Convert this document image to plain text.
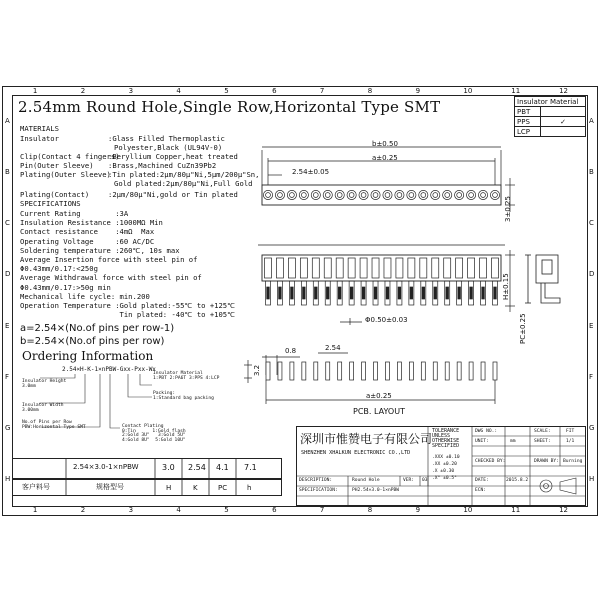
1	2	3	4	5	6	7	8	9	10	11	12
1	2	3	4	5	6	7	8	9	10	11	12
A
B
C
D
E
F
G
H
A
B
C
D
E
F
G
H
2.54mm Round Hole,Single Row,Horizontal Type SMT
MATERIALS
Insulator	:Glass Filled Thermoplastic
Polyester,Black (UL94V-0)
Clip(Contact 4 fingers)
:Beryllium Copper,heat treated
Pin(Outer Sleeve) :Brass,Machined CuZn39Pb2
Plating(Outer Sleeve)
:Tin plated:2μm/80μ"Ni,5μm/200μ"Sn,
Gold plated:2μm/80μ"Ni,Full Gold
Plating(Contact)	:2μm/80μ"Ni,gold or Tin plated
SPECIFICATIONS
Current Rating        :3A
Insulation Resistance :1000MΩ Min
Contact resistance    :4mΩ  Max
Operating Voltage     :60 AC/DC
Soldering temperature :260℃, 10s max
Average Insertion force with steel pin of
Φ0.43mm/0.17:<250g
Average Withdrawal force with steel pin of
Φ0.43mm/0.17:>50g min
Mechanical life cycle: min.200
Operation Temperature :Gold plated:-55℃ to +125℃
Tin plated: -40℃ to +105℃
a=2.54×(No.of pins per row-1)
b=2.54×(No.of pins per row)
Ordering Information
2.54×H-K-1×nPBW-Gxx-Pxx-Wx
Insulator Height
3.0mm
Insulator Width
3.00mm
No.of Pins per Row
PBW:Horizontal Type SMT
Insulator Material
1:PBT 2:PA6T 3:PPS 4:LCP
Packing:
1:Standard bag packing
Contact Plating
0:Tin      1:Gold flash
2:Gold 3U"   3:Gold 5U"
4:Gold 8U"  5:Gold 10U"
Insulator Material	
PBT	
PPS	✓
LCP	
b±0.50
a±0.25
2.54±0.05
3±0.25
H±0.15
Φ0.50±0.03	PC±0.25
0.8	2.54
3.2
a±0.25
PCB. LAYOUT
2.54×3.0-1×nPBW	3.0 2.54 4.1 7.1
客户料号	规格型号	H	K	PC	h
深圳市惟赞电子有限公司
SHENZHEN XHALKUN ELECTRONIC CO.,LTD
TOLERANCE
UNLESS
OTHERWISE
SPECIFIED
.XXX ±0.10
.XX ±0.20
.X ±0.30
.X° ±0.5°
DWG NO.:	SCALE:	FIT
UNIT:	mm	SHEET:	1/1
CHECKED BY:	DRAWN BY: Burning
DESCRIPTION:	Round Hole	VER: 03	DATE:	2015.8.2
SPECIFICATION:	PH2.54×3.0-1×nPBW	ECN:
